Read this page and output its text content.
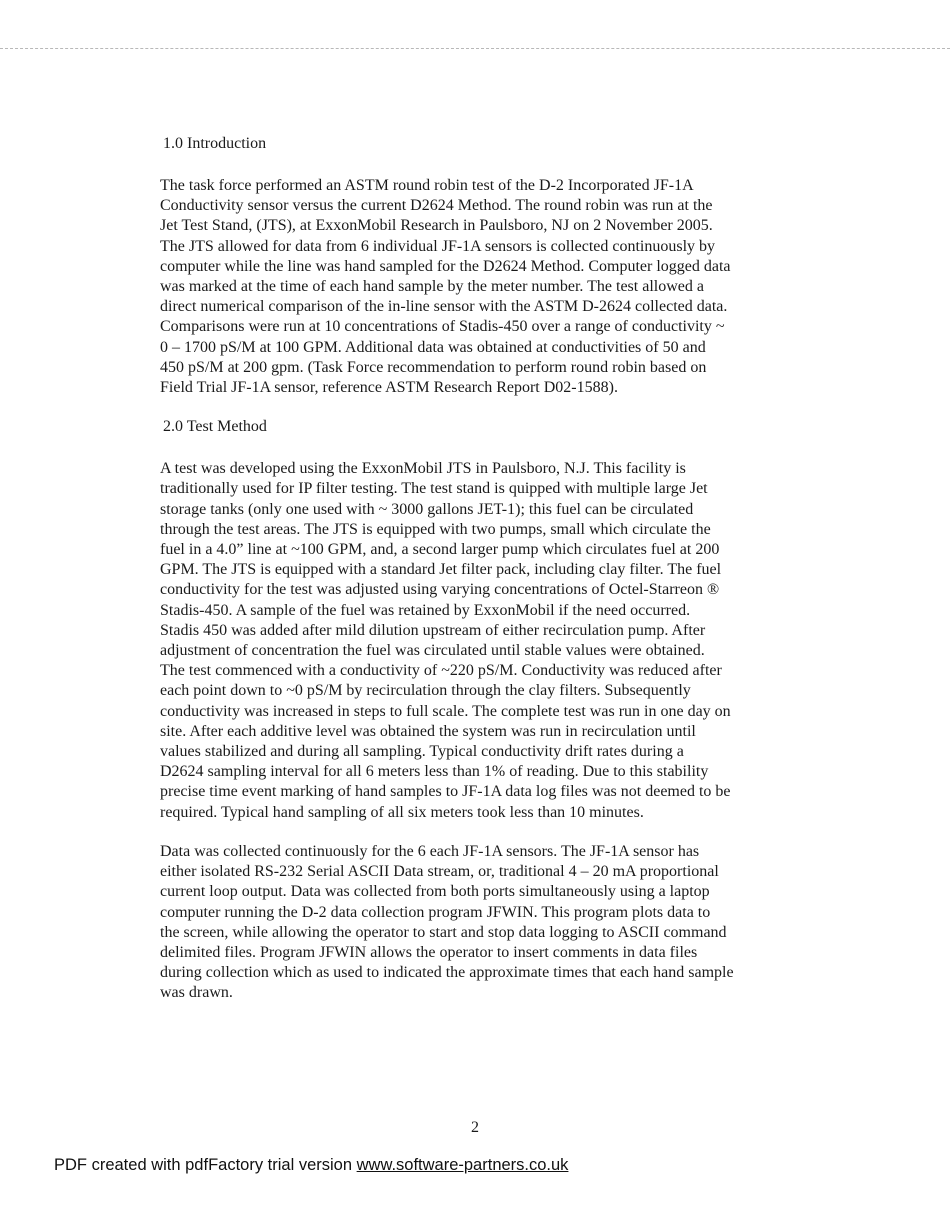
1.0 Introduction
The task force performed an ASTM round robin test of the D-2 Incorporated JF-1A
Conductivity sensor versus the current D2624 Method. The round robin was run at the
Jet Test Stand, (JTS), at ExxonMobil Research in Paulsboro, NJ on 2 November 2005.
The JTS allowed for data from 6 individual JF-1A sensors is collected continuously by
computer while the line was hand sampled for the D2624 Method. Computer logged data
was marked at the time of each hand sample by the meter number. The test allowed a
direct numerical comparison of the in-line sensor with the ASTM D-2624 collected data.
Comparisons were run at 10 concentrations of Stadis-450 over a range of conductivity ~
0 – 1700 pS/M at 100 GPM. Additional data was obtained at conductivities of 50 and
450 pS/M at 200 gpm. (Task Force recommendation to perform round robin based on
Field Trial JF-1A sensor, reference ASTM Research Report D02-1588).
2.0 Test Method
A test was developed using the ExxonMobil JTS in Paulsboro, N.J. This facility is
traditionally used for IP filter testing. The test stand is quipped with multiple large Jet
storage tanks (only one used with ~ 3000 gallons JET-1); this fuel can be circulated
through the test areas. The JTS is equipped with two pumps, small which circulate the
fuel in a 4.0” line at ~100 GPM, and, a second larger pump which circulates fuel at 200
GPM. The JTS is equipped with a standard Jet filter pack, including clay filter. The fuel
conductivity for the test was adjusted using varying concentrations of Octel-Starreon ®
Stadis-450. A sample of the fuel was retained by ExxonMobil if the need occurred.
Stadis 450 was added after mild dilution upstream of either recirculation pump. After
adjustment of concentration the fuel was circulated until stable values were obtained.
The test commenced with a conductivity of ~220 pS/M. Conductivity was reduced after
each point down to ~0 pS/M by recirculation through the clay filters. Subsequently
conductivity was increased in steps to full scale. The complete test was run in one day on
site. After each additive level was obtained the system was run in recirculation until
values stabilized and during all sampling. Typical conductivity drift rates during a
D2624 sampling interval for all 6 meters less than 1% of reading. Due to this stability
precise time event marking of hand samples to JF-1A data log files was not deemed to be
required. Typical hand sampling of all six meters took less than 10 minutes.
Data was collected continuously for the 6 each JF-1A sensors. The JF-1A sensor has
either isolated RS-232 Serial ASCII Data stream, or, traditional 4 – 20 mA proportional
current loop output. Data was collected from both ports simultaneously using a laptop
computer running the D-2 data collection program JFWIN. This program plots data to
the screen, while allowing the operator to start and stop data logging to ASCII command
delimited files. Program JFWIN allows the operator to insert comments in data files
during collection which as used to indicated the approximate times that each hand sample
was drawn.
2
PDF created with pdfFactory trial version www.software-partners.co.uk
